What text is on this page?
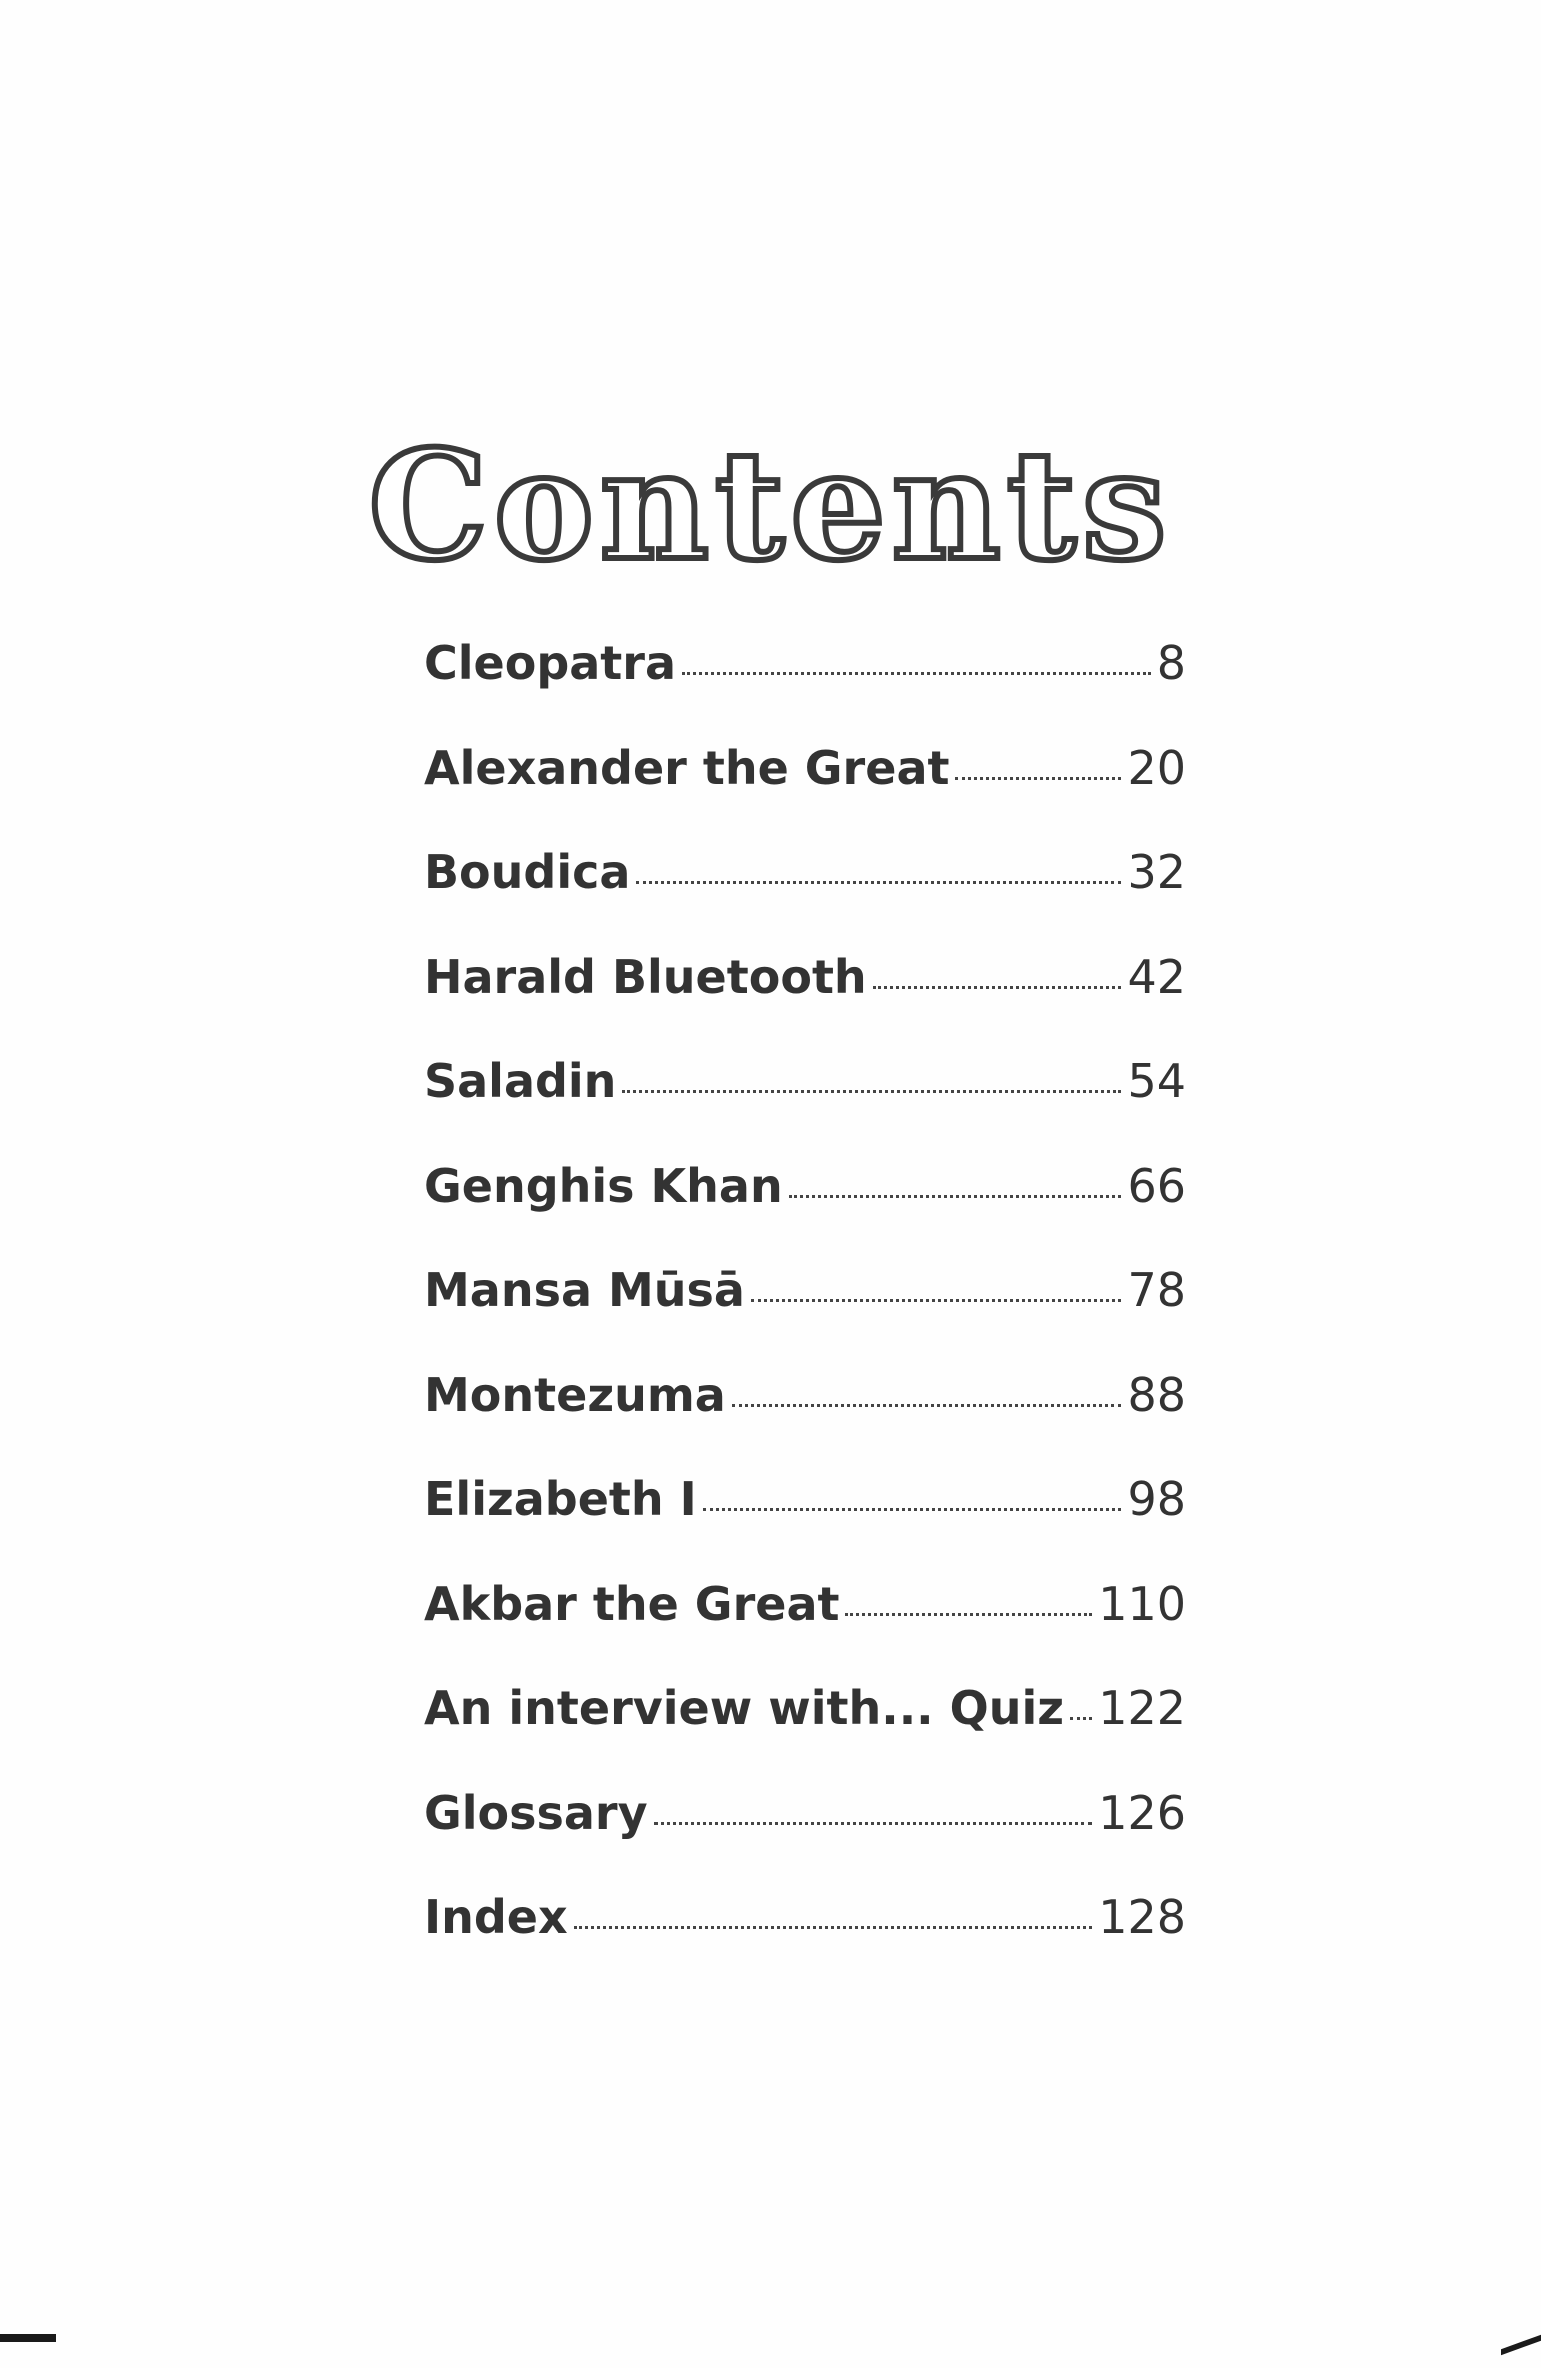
Contents
Cleopatra	8
Alexander the Great	20
Boudica	32
Harald Bluetooth	42
Saladin	54
Genghis Khan	66
Mansa Mūsā	78
Montezuma	88
Elizabeth I	98
Akbar the Great	110
An interview with... Quiz 122
Glossary	126
Index	128
